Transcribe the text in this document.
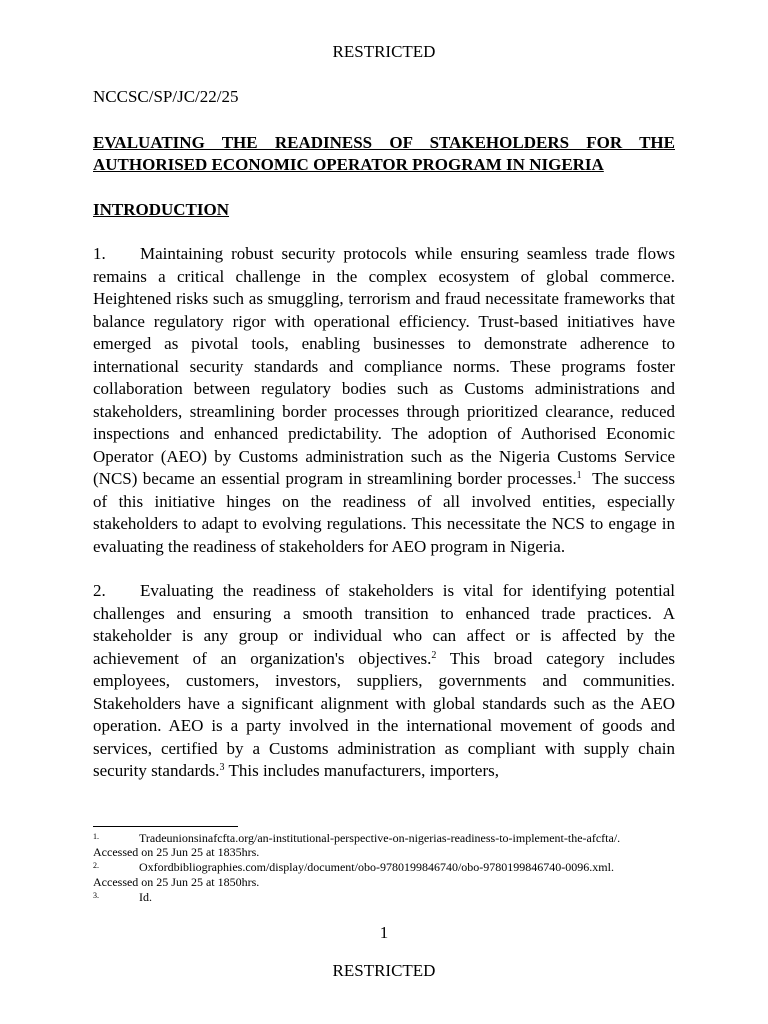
RESTRICTED

NCCSC/SP/JC/22/25

EVALUATING THE READINESS OF STAKEHOLDERS FOR THE AUTHORISED ECONOMIC OPERATOR PROGRAM IN NIGERIA

INTRODUCTION

1. Maintaining robust security protocols while ensuring seamless trade flows remains a critical challenge in the complex ecosystem of global commerce. Heightened risks such as smuggling, terrorism and fraud necessitate frameworks that balance regulatory rigor with operational efficiency. Trust-based initiatives have emerged as pivotal tools, enabling businesses to demonstrate adherence to international security standards and compliance norms. These programs foster collaboration between regulatory bodies such as Customs administrations and stakeholders, streamlining border processes through prioritized clearance, reduced inspections and enhanced predictability. The adoption of Authorised Economic Operator (AEO) by Customs administration such as the Nigeria Customs Service (NCS) became an essential program in streamlining border processes.$^1$ The success of this initiative hinges on the readiness of all involved entities, especially stakeholders to adapt to evolving regulations. This necessitate the NCS to engage in evaluating the readiness of stakeholders for AEO program in Nigeria.

2. Evaluating the readiness of stakeholders is vital for identifying potential challenges and ensuring a smooth transition to enhanced trade practices. A stakeholder is any group or individual who can affect or is affected by the achievement of an organization's objectives.$^2$ This broad category includes employees, customers, investors, suppliers, governments and communities. Stakeholders have a significant alignment with global standards such as the AEO operation. AEO is a party involved in the international movement of goods and services, certified by a Customs administration as compliant with supply chain security standards.$^3$ This includes manufacturers, importers,

1.	Tradeunionsinafcfta.org/an-institutional-perspective-on-nigerias-readiness-to-implement-the-afcfta/.
Accessed on 25 Jun 25 at 1835hrs.

2.	Oxfordbibliographies.com/display/document/obo-9780199846740/obo-9780199846740-0096.xml.
Accessed on 25 Jun 25 at 1850hrs.

3.	Id.

1
RESTRICTED
